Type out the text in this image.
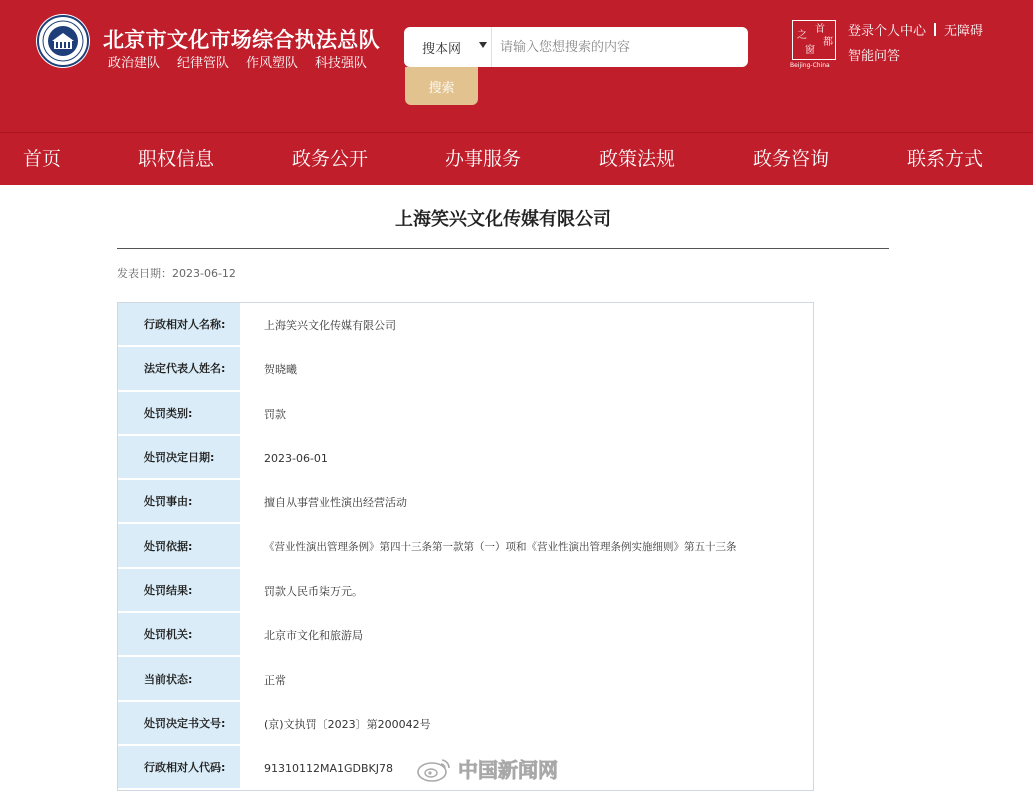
北京市文化市场综合执法总队
政治建队 纪律管队 作风塑队 科技强队
搜本网
请输入您想搜索的内容
搜索
首
都
之
窗
Beijing-China
登录个人中心 无障碍
智能问答
首页	职权信息	政务公开	办事服务	政策法规	政务咨询	联系方式
上海笑兴文化传媒有限公司
发表日期：2023-06-12
行政相对人名称:	上海笑兴文化传媒有限公司
法定代表人姓名:	贺晓曦
处罚类别:	罚款
处罚决定日期:	2023-06-01
处罚事由:	擅自从事营业性演出经营活动
处罚依据:	《营业性演出管理条例》第四十三条第一款第（一）项和《营业性演出管理条例实施细则》第五十三条
处罚结果:	罚款人民币柒万元。
处罚机关:	北京市文化和旅游局
当前状态:	正常
处罚决定书文号:	(京)文执罚〔2023〕第200042号
行政相对人代码:	91310112MA1GDBKJ78	中国新闻网
